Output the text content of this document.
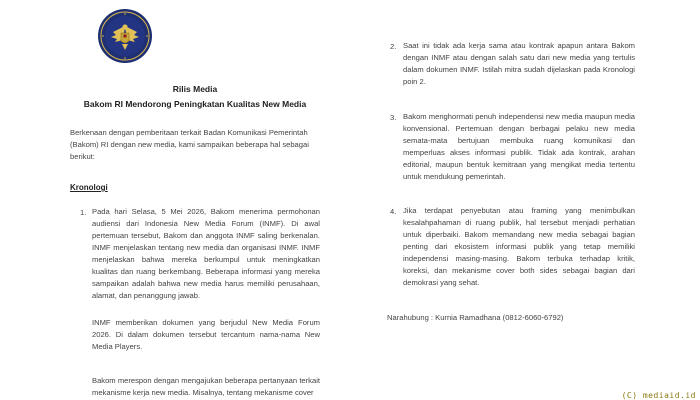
Rilis Media
Bakom RI Mendorong Peningkatan Kualitas New Media
Berkenaan dengan pemberitaan terkait Badan Komunikasi Pemerintah (Bakom) RI dengan new media, kami sampaikan beberapa hal sebagai berikut:
Kronologi
1. Pada hari Selasa, 5 Mei 2026, Bakom menerima permohonan audiensi dari Indonesia New Media Forum (INMF). Di awal pertemuan tersebut, Bakom dan anggota INMF saling berkenalan. INMF menjelaskan tentang new media dan organisasi INMF. INMF menjelaskan bahwa mereka berkumpul untuk meningkatkan kualitas dan ruang berkembang. Beberapa informasi yang mereka sampaikan adalah bahwa new media harus memiliki perusahaan, alamat, dan penanggung jawab.
INMF memberikan dokumen yang berjudul New Media Forum 2026. Di dalam dokumen tersebut tercantum nama-nama New Media Players.
Bakom merespon dengan mengajukan beberapa pertanyaan terkait mekanisme kerja new media. Misalnya, tentang mekanisme cover
2. Saat ini tidak ada kerja sama atau kontrak apapun antara Bakom dengan INMF atau dengan salah satu dari new media yang tertulis dalam dokumen INMF. Istilah mitra sudah dijelaskan pada Kronologi poin 2.
3. Bakom menghormati penuh independensi new media maupun media konvensional. Pertemuan dengan berbagai pelaku new media semata-mata bertujuan membuka ruang komunikasi dan memperluas akses informasi publik. Tidak ada kontrak, arahan editorial, maupun bentuk kemitraan yang mengikat media tertentu untuk mendukung pemerintah.
4. Jika terdapat penyebutan atau framing yang menimbulkan kesalahpahaman di ruang publik, hal tersebut menjadi perhatian untuk diperbaiki. Bakom memandang new media sebagai bagian penting dari ekosistem informasi publik yang tetap memiliki independensi masing-masing. Bakom terbuka terhadap kritik, koreksi, dan mekanisme cover both sides sebagai bagian dari demokrasi yang sehat.
Narahubung : Kurnia Ramadhana (0812-6060-6792)
(C) mediaid.id
